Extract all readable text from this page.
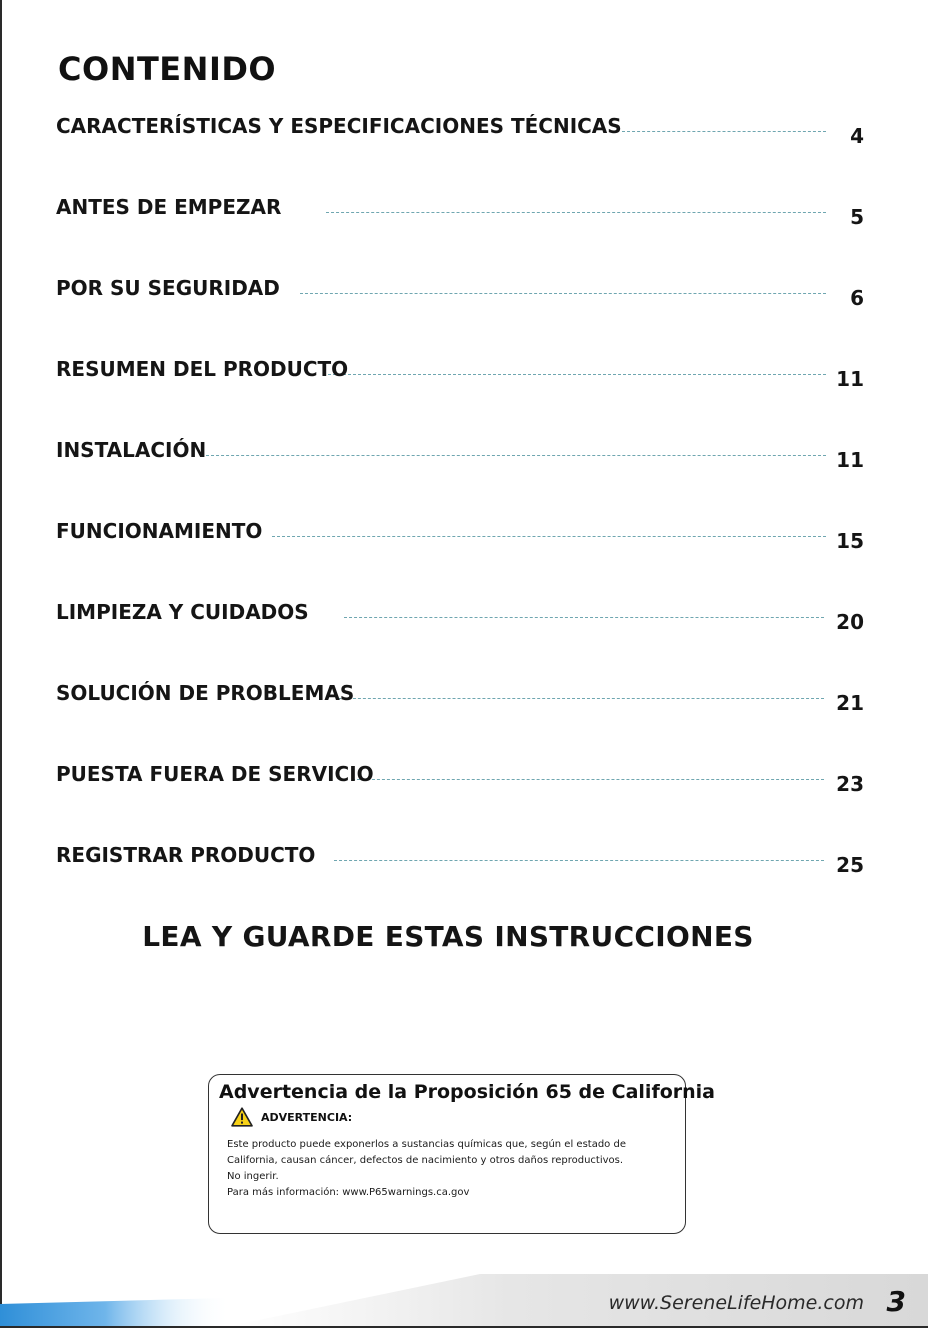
CONTENIDO
CARACTERÍSTICAS Y ESPECIFICACIONES TÉCNICAS	4
ANTES DE EMPEZAR	5
POR SU SEGURIDAD	6
RESUMEN DEL PRODUCTO	11
INSTALACIÓN	11
FUNCIONAMIENTO	15
LIMPIEZA Y CUIDADOS	20
SOLUCIÓN DE PROBLEMAS	21
PUESTA FUERA DE SERVICIO	23
REGISTRAR PRODUCTO	25
LEA Y GUARDE ESTAS INSTRUCCIONES
Advertencia de la Proposición 65 de California
ADVERTENCIA:
Este producto puede exponerlos a sustancias químicas que, según el estado de
California, causan cáncer, defectos de nacimiento y otros daños reproductivos.
No ingerir.
Para más información: www.P65warnings.ca.gov
www.SereneLifeHome.com 3
